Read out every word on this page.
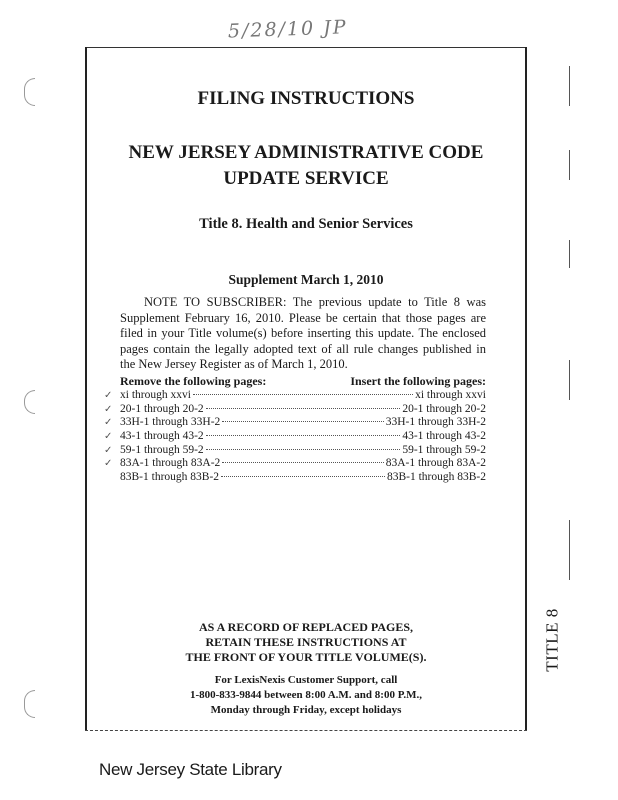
5/28/10 JP
FILING INSTRUCTIONS
NEW JERSEY ADMINISTRATIVE CODE
UPDATE SERVICE
Title 8. Health and Senior Services
Supplement March 1, 2010
NOTE TO SUBSCRIBER: The previous update to Title 8 was Supplement February 16, 2010. Please be certain that those pages are filed in your Title volume(s) before inserting this update. The enclosed pages contain the legally adopted text of all rule changes published in the New Jersey Register as of March 1, 2010.
Remove the following pages:	Insert the following pages:
✓ xi through xxvi	xi through xxvi
✓ 20-1 through 20-2	20-1 through 20-2
✓ 33H-1 through 33H-2	33H-1 through 33H-2
✓ 43-1 through 43-2	43-1 through 43-2
✓ 59-1 through 59-2	59-1 through 59-2
✓ 83A-1 through 83A-2	83A-1 through 83A-2
83B-1 through 83B-2	83B-1 through 83B-2
AS A RECORD OF REPLACED PAGES,
RETAIN THESE INSTRUCTIONS AT
THE FRONT OF YOUR TITLE VOLUME(S).
For LexisNexis Customer Support, call
1-800-833-9844 between 8:00 A.M. and 8:00 P.M.,
Monday through Friday, except holidays
TITLE 8
New Jersey State Library
